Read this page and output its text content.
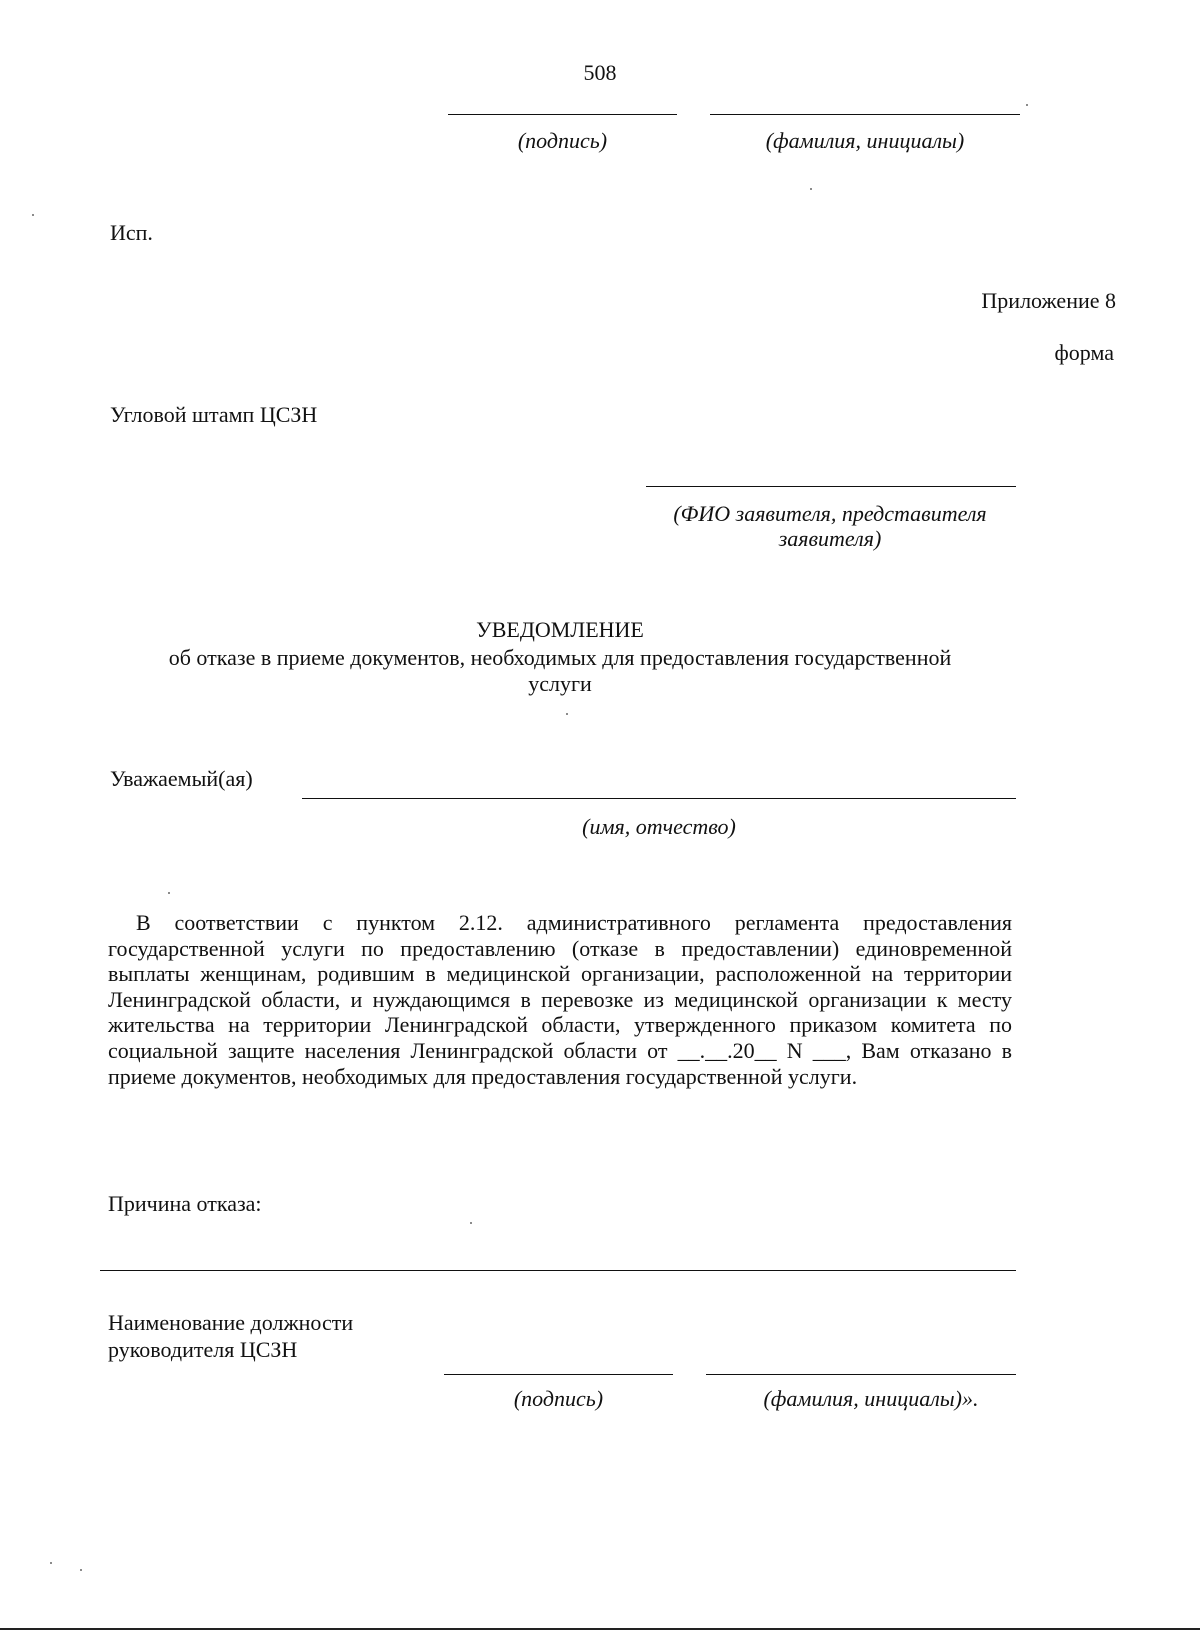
508
(подпись)	(фамилия, инициалы)
Исп.
Приложение 8
форма
Угловой штамп ЦСЗН
(ФИО заявителя, представителя
заявителя)
УВЕДОМЛЕНИЕ
об отказе в приеме документов, необходимых для предоставления государственной
услуги
Уважаемый(ая)
(имя, отчество)
В соответствии с пунктом 2.12. административного регламента предоставления государственной услуги по предоставлению (отказе в предоставлении) единовременной выплаты женщинам, родившим в медицинской организации, расположенной на территории Ленинградской области, и нуждающимся в перевозке из медицинской организации к месту жительства на территории Ленинградской области, утвержденного приказом комитета по социальной защите населения Ленинградской области от __.__.20__ N ___, Вам отказано в приеме документов, необходимых для предоставления государственной услуги.
Причина отказа:
Наименование должности
руководителя ЦСЗН
(подпись)	(фамилия, инициалы)».
